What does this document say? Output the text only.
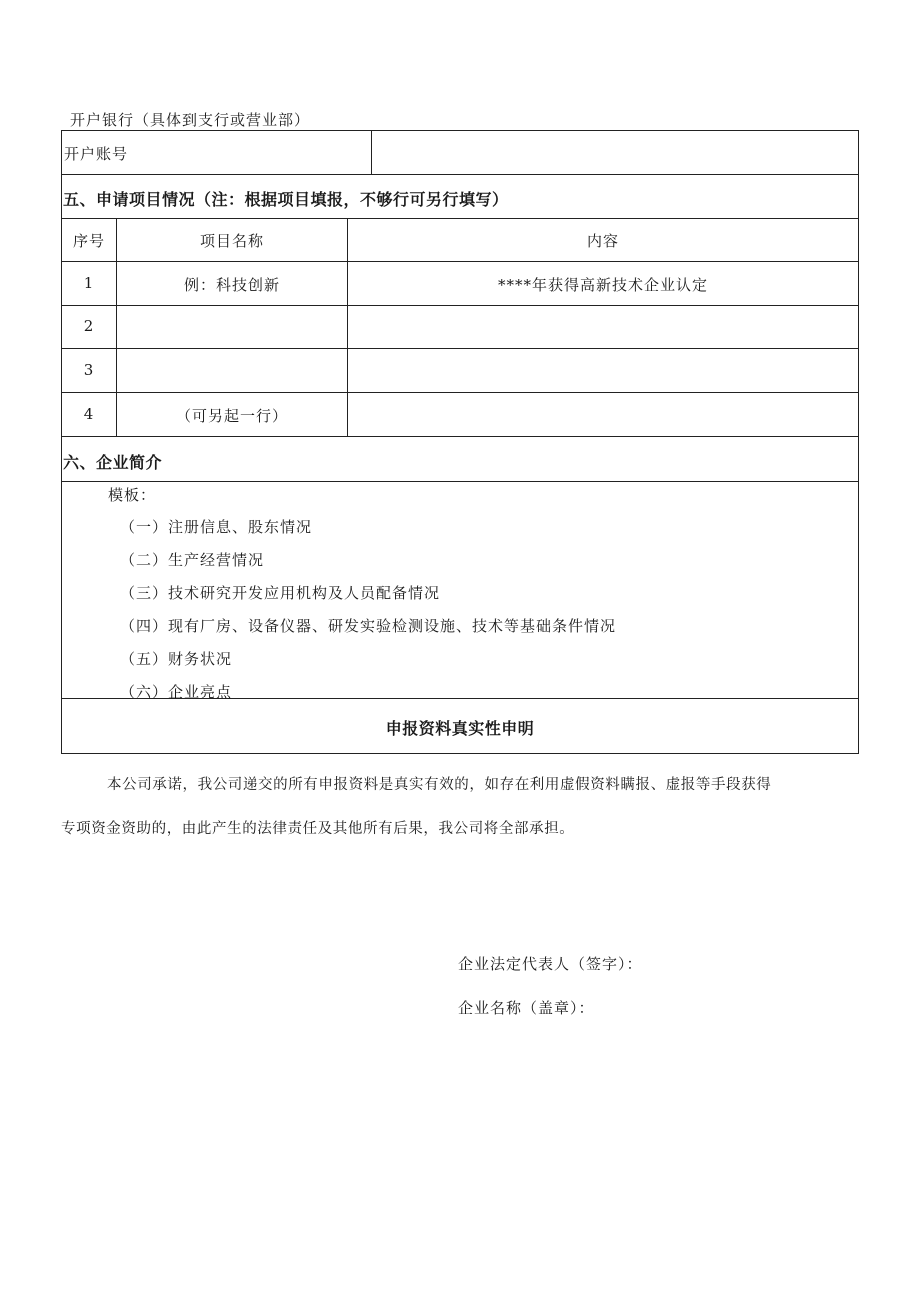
开户银行（具体到支行或营业部）
开户账号
五、申请项目情况（注：根据项目填报，不够行可另行填写）
序号	项目名称	内容
1	例：科技创新	****年获得高新技术企业认定
2
3
4	（可另起一行）
六、企业简介
模板：
（一）注册信息、股东情况
（二）生产经营情况
（三）技术研究开发应用机构及人员配备情况
（四）现有厂房、设备仪器、研发实验检测设施、技术等基础条件情况
（五）财务状况
（六）企业亮点
申报资料真实性申明
本公司承诺，我公司递交的所有申报资料是真实有效的，如存在利用虚假资料瞒报、虚报等手段获得
专项资金资助的，由此产生的法律责任及其他所有后果，我公司将全部承担。
企业法定代表人（签字）：
企业名称（盖章）：
